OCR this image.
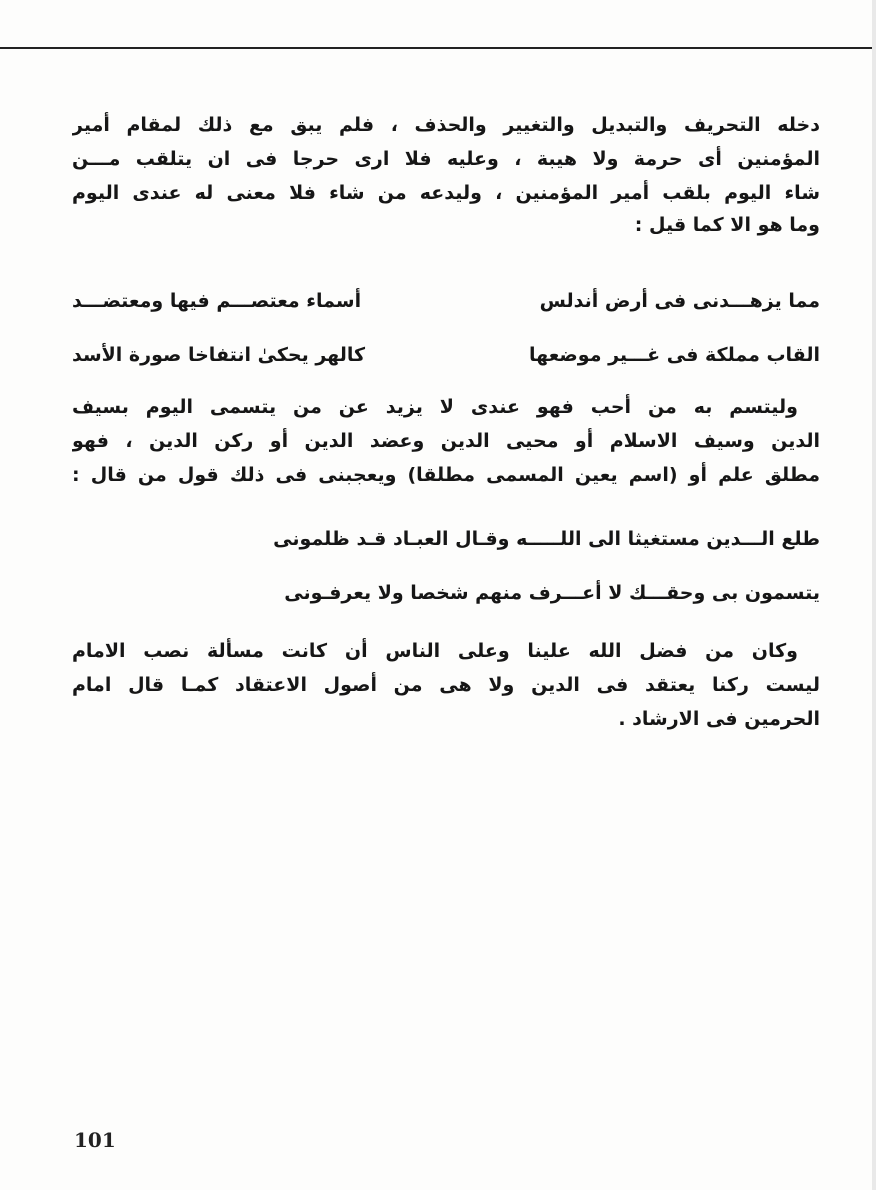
دخله التحريف والتبديل والتغيير والحذف ، فلم يبق مع ذلك لمقام أمير
المؤمنين أى حرمة ولا هيبة ، وعليه فلا ارى حرجا فى ان يتلقب مـــن
شاء اليوم بلقب أمير المؤمنين ، وليدعه من شاء فلا معنى له عندى اليوم
وما هو الا كما قيل :
مما يزهـــدنى فى أرض أندلس
أسماء معتصـــم فيها ومعتضـــد
القاب مملكة فى غـــير موضعها
كالهر يحكىٰ انتفاخا صورة الأسد
وليتسم به من أحب فهو عندى لا يزيد عن من يتسمى اليوم بسيف
الدين وسيف الاسلام أو محيى الدين وعضد الدين أو ركن الدين ، فهو
مطلق علم أو (اسم يعين المسمى مطلقا) ويعجبنى فى ذلك قول من قال :
طلع الـــدين مستغيثا الى اللـــــه وقـال العبـاد قـد ظلمونى
يتسمون بى وحقـــك لا أعـــرف منهم شخصا ولا يعرفـونى
وكان من فضل الله علينا وعلى الناس أن كانت مسألة نصب الامام
ليست ركنا يعتقد فى الدين ولا هى من أصول الاعتقاد كمـا قال امام
الحرمين فى الارشاد .
101
